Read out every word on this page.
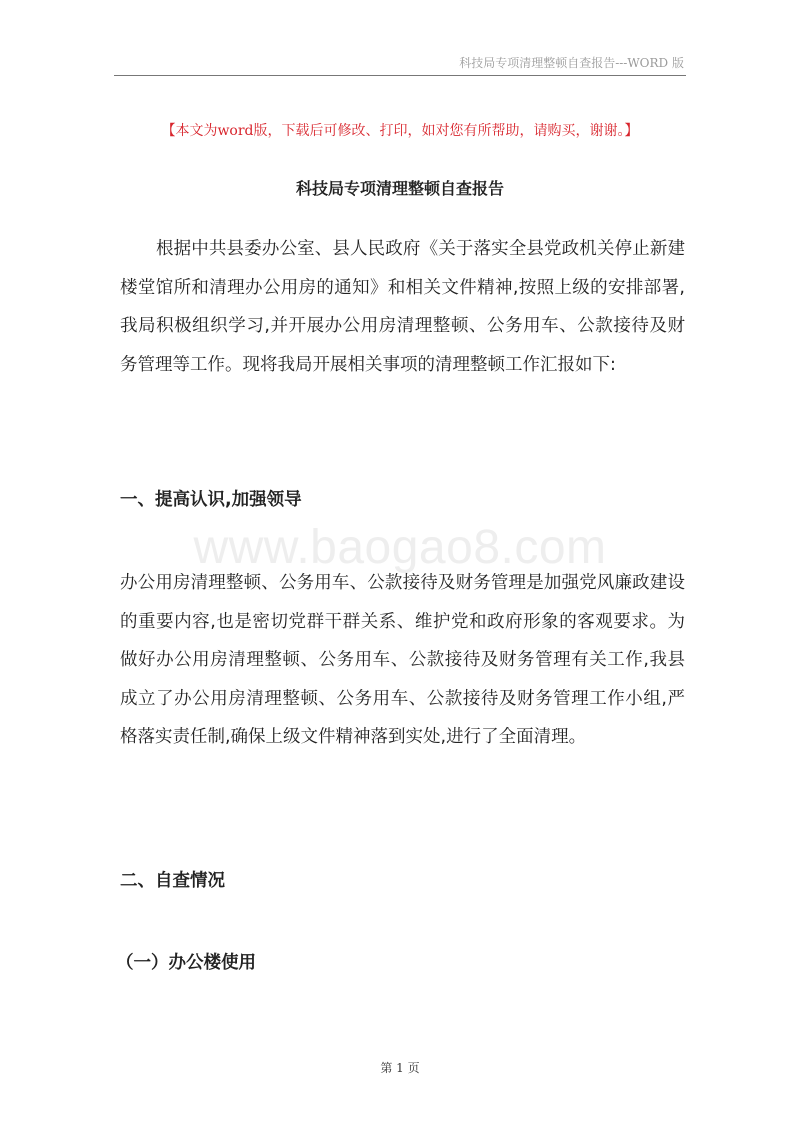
科技局专项清理整顿自查报告---WORD 版
【本文为word版，下载后可修改、打印，如对您有所帮助，请购买，谢谢。】
科技局专项清理整顿自查报告

根据中共县委办公室、县人民政府《关于落实全县党政机关停止新建楼堂馆所和清理办公用房的通知》和相关文件精神,按照上级的安排部署,我局积极组织学习,并开展办公用房清理整顿、公务用车、公款接待及财务管理等工作。现将我局开展相关事项的清理整顿工作汇报如下:

一、提高认识,加强领导
www.baogao8.com

办公用房清理整顿、公务用车、公款接待及财务管理是加强党风廉政建设的重要内容,也是密切党群干群关系、维护党和政府形象的客观要求。为做好办公用房清理整顿、公务用车、公款接待及财务管理有关工作,我县成立了办公用房清理整顿、公务用车、公款接待及财务管理工作小组,严格落实责任制,确保上级文件精神落到实处,进行了全面清理。

二、自查情况
（一）办公楼使用
第 1 页
